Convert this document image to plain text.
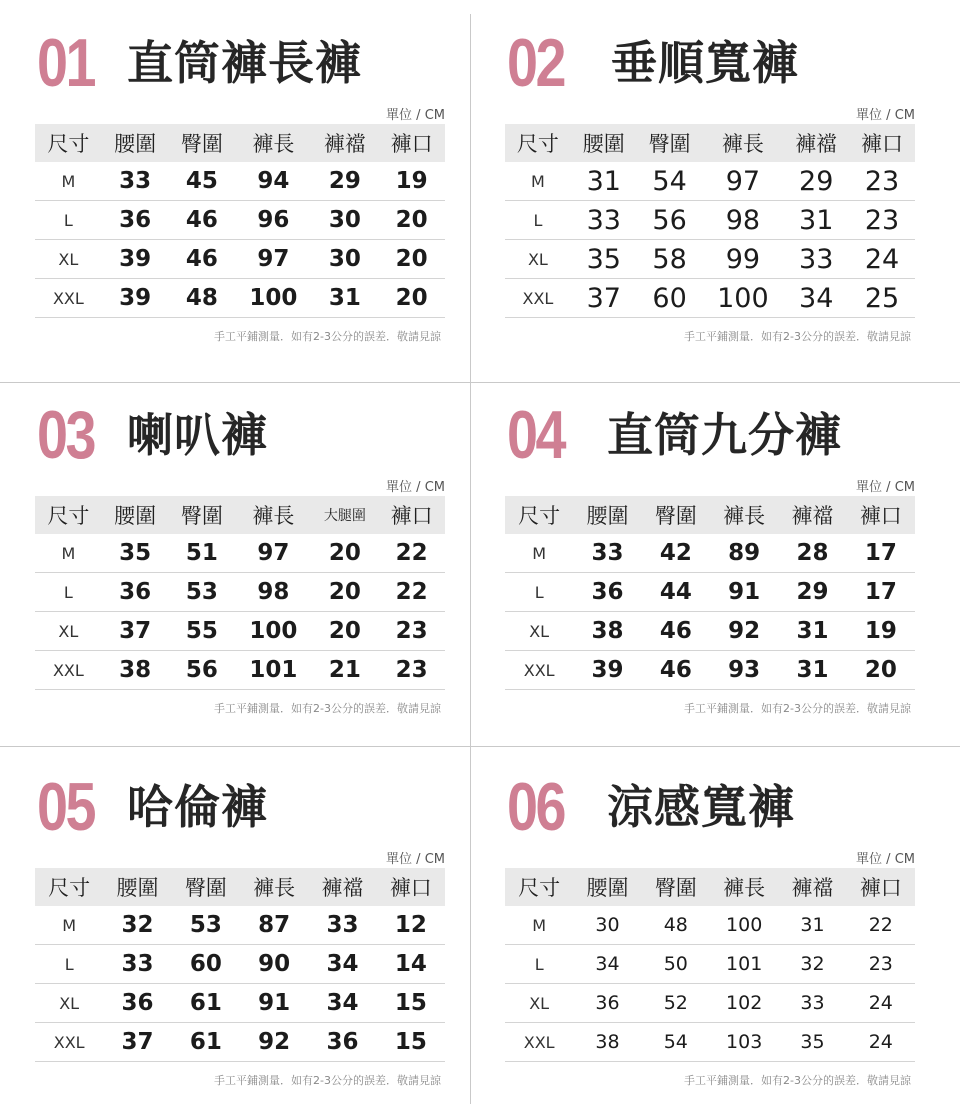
01 直筒褲長褲
單位 / CM
尺寸	腰圍	臀圍	褲長	褲襠	褲口
M	33	45	94	29	19
L	36	46	96	30	20
XL	39	46	97	30	20
XXL	39	48	100	31	20
手工平鋪測量．如有2-3公分的誤差．敬請見諒
02 垂順寬褲
單位 / CM
尺寸	腰圍	臀圍	褲長	褲襠	褲口
M	31	54	97	29	23
L	33	56	98	31	23
XL	35	58	99	33	24
XXL	37	60	100	34	25
手工平鋪測量．如有2-3公分的誤差．敬請見諒
03 喇叭褲
單位 / CM
尺寸	腰圍	臀圍	褲長	大腿圍	褲口
M	35	51	97	20	22
L	36	53	98	20	22
XL	37	55	100	20	23
XXL	38	56	101	21	23
手工平鋪測量．如有2-3公分的誤差．敬請見諒
04 直筒九分褲
單位 / CM
尺寸	腰圍	臀圍	褲長	褲襠	褲口
M	33	42	89	28	17
L	36	44	91	29	17
XL	38	46	92	31	19
XXL	39	46	93	31	20
手工平鋪測量．如有2-3公分的誤差．敬請見諒
05 哈倫褲
單位 / CM
尺寸	腰圍	臀圍	褲長	褲襠	褲口
M	32	53	87	33	12
L	33	60	90	34	14
XL	36	61	91	34	15
XXL	37	61	92	36	15
手工平鋪測量．如有2-3公分的誤差．敬請見諒
06 涼感寬褲
單位 / CM
尺寸	腰圍	臀圍	褲長	褲襠	褲口
M	30	48	100	31	22
L	34	50	101	32	23
XL	36	52	102	33	24
XXL	38	54	103	35	24
手工平鋪測量．如有2-3公分的誤差．敬請見諒
